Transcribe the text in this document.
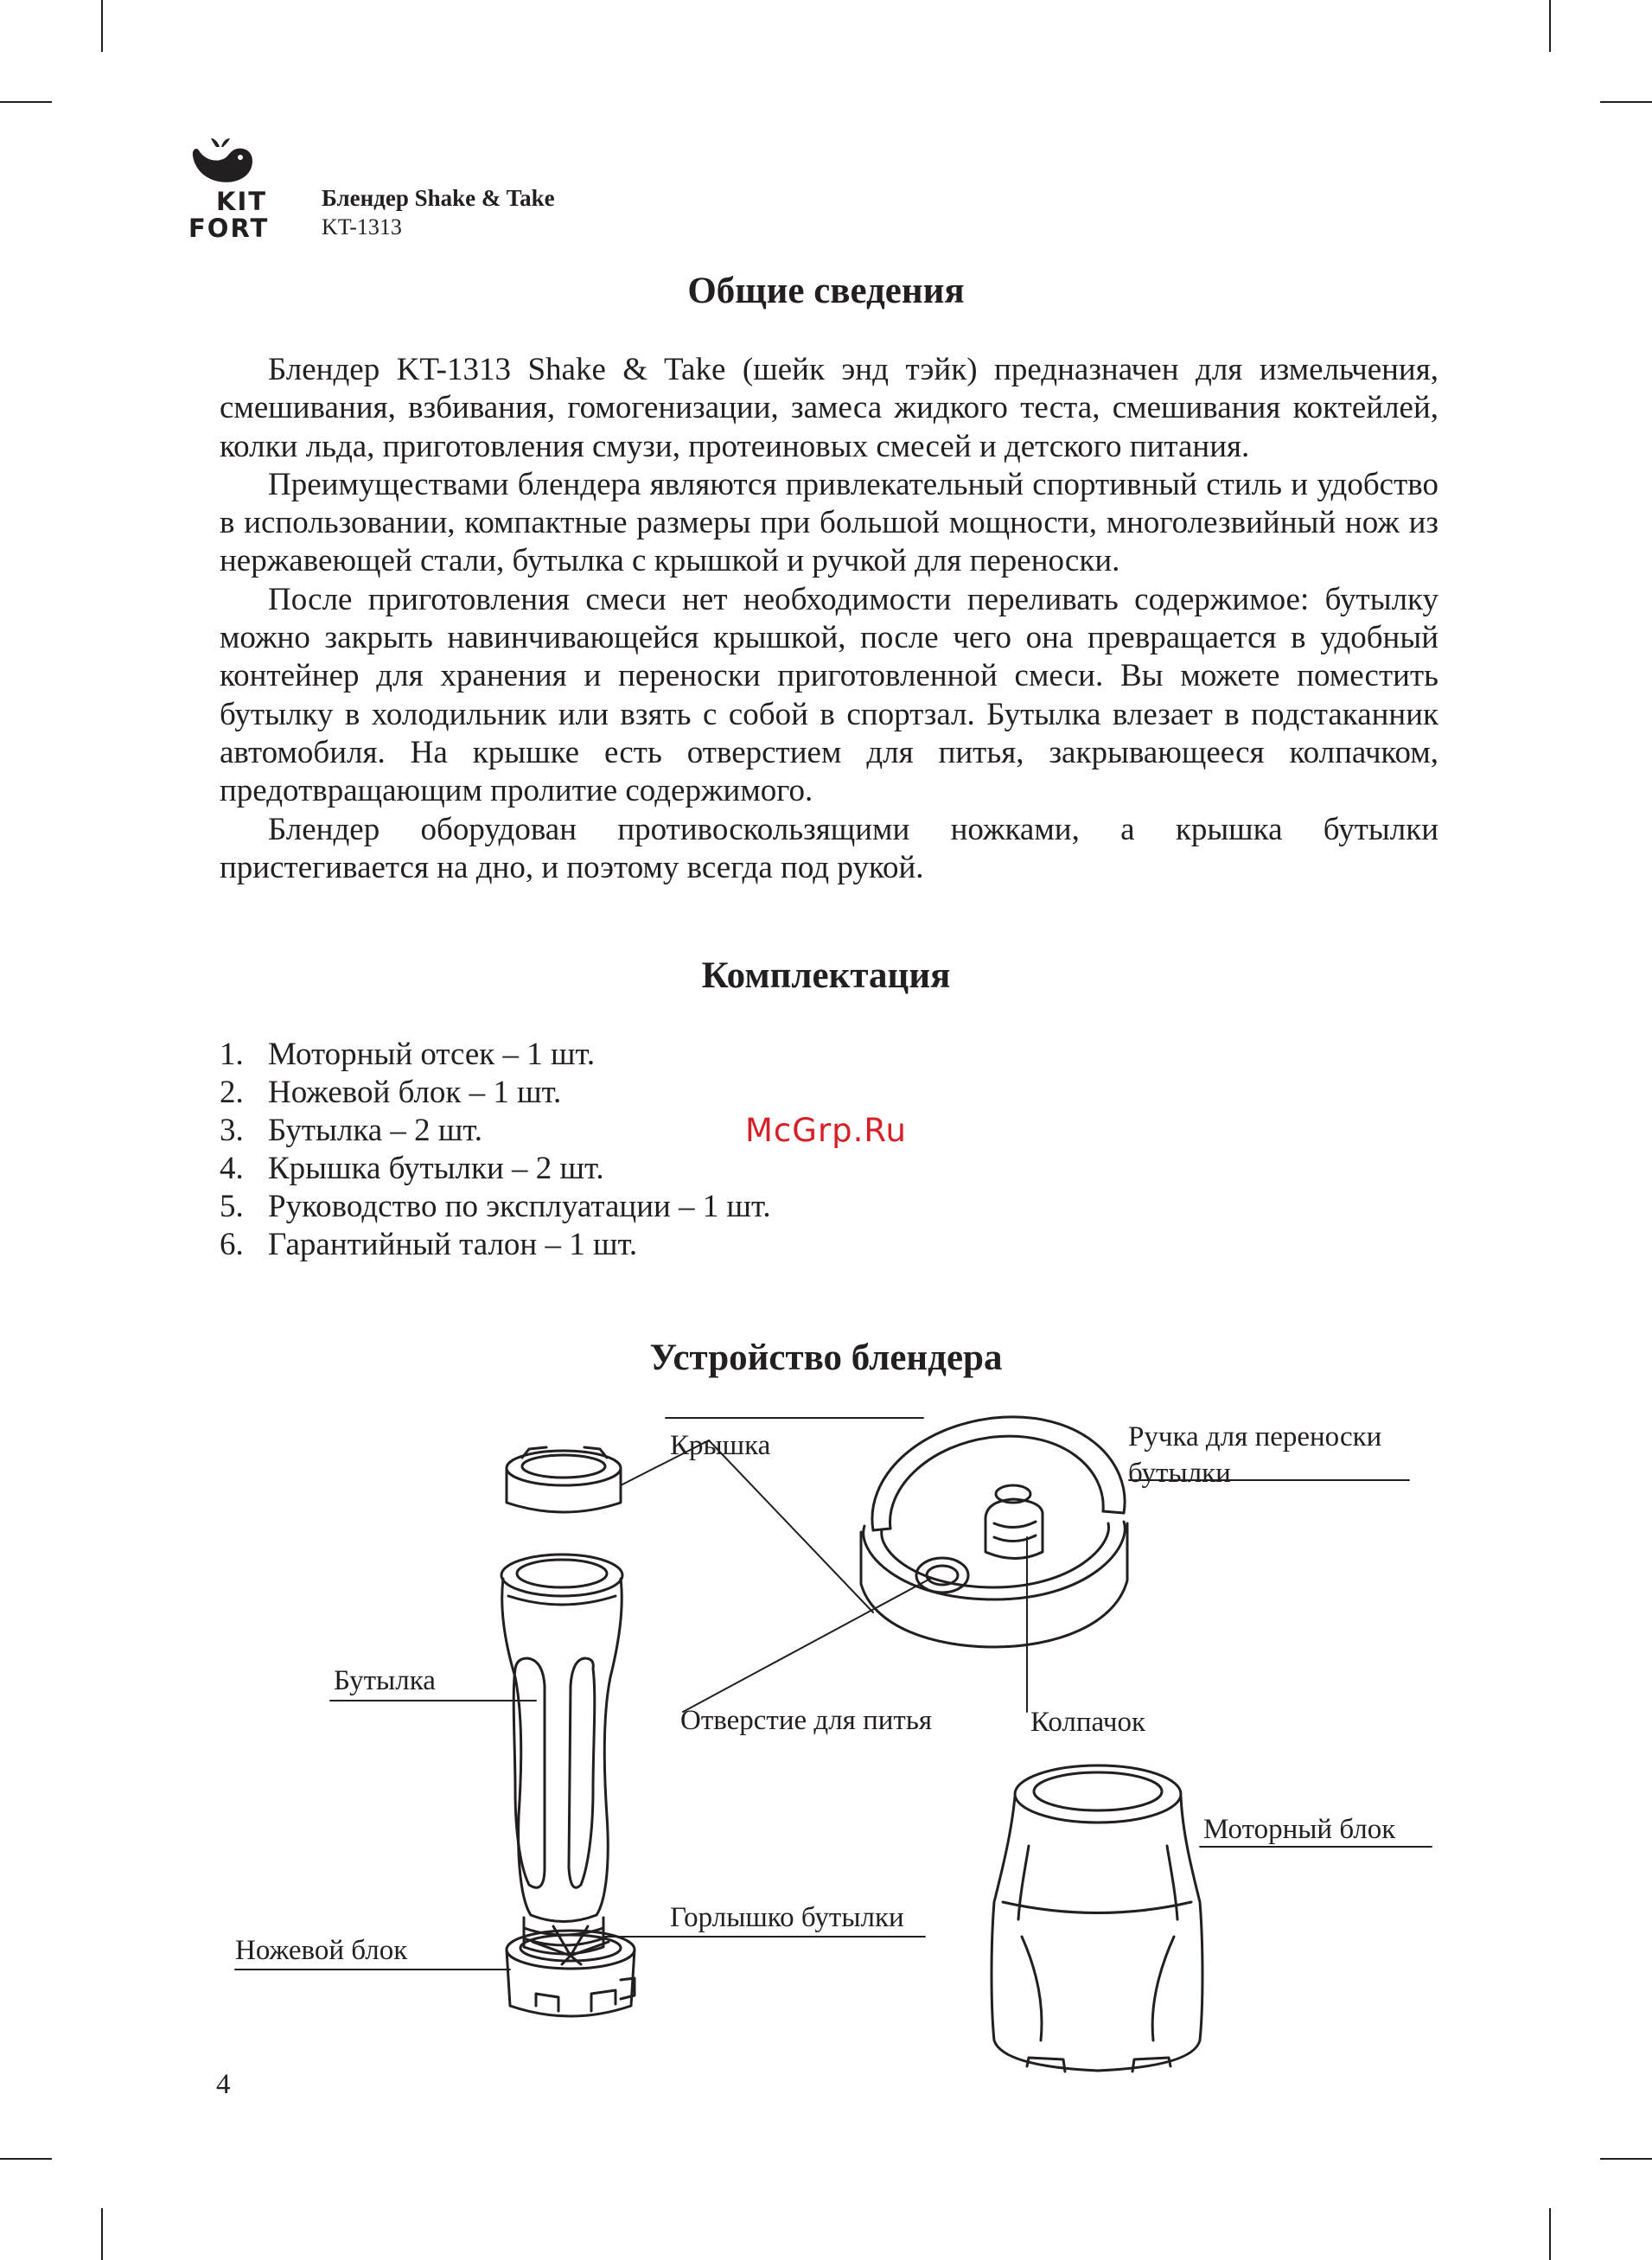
KIT
FORT
Блендер Shake & Take
KT-1313
Общие сведения

Блендер KT-1313 Shake & Take (шейк энд тэйк) предназначен для измельчения, смешивания, взбивания, гомогенизации, замеса жидкого теста, смешивания коктейлей, колки льда, приготовления смузи, протеиновых смесей и детского питания.

Преимуществами блендера являются привлекательный спортивный стиль и удобство в использовании, компактные размеры при большой мощности, многолезвийный нож из нержавеющей стали, бутылка с крышкой и ручкой для переноски.

После приготовления смеси нет необходимости переливать содержимое: бутылку можно закрыть навинчивающейся крышкой, после чего она превращается в удобный контейнер для хранения и переноски приготовленной смеси. Вы можете поместить бутылку в холодильник или взять с собой в спортзал. Бутылка влезает в подстаканник автомобиля. На крышке есть отверстием для питья, закрывающееся колпачком, предотвращающим пролитие содержимого.

Блендер оборудован противоскользящими ножками, а крышка бутылки пристегивается на дно, и поэтому всегда под рукой.

Комплектация
1. Моторный отсек – 1 шт.
2. Ножевой блок – 1 шт.
3. Бутылка – 2 шт.
4. Крышка бутылки – 2 шт.
5. Руководство по эксплуатации – 1 шт.
6. Гарантийный талон – 1 шт.
McGrp.Ru
Устройство блендера
Крышка	Ручка для переноски
бутылки
Бутылка
Отверстие для питья	Колпачок
Моторный блок
Горлышко бутылки
Ножевой блок
4
